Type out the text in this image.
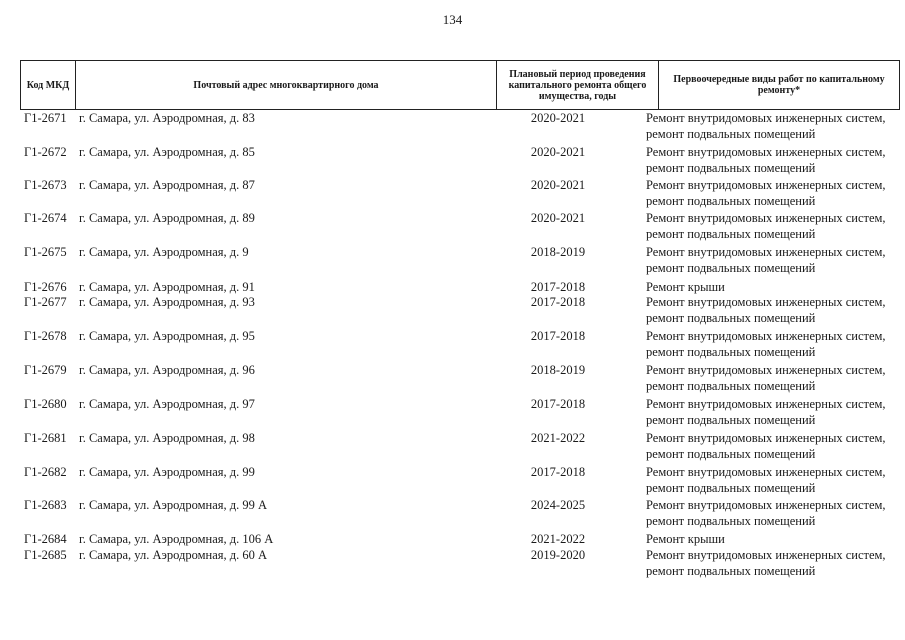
134
Код МКД	Почтовый адрес многоквартирного дома
Плановый период проведения капитального ремонта общего имущества, годы
Первоочередные виды работ по капитальному ремонту*
Г1-2671 г. Самара, ул. Аэродромная, д. 83	2020-2021	Ремонт внутридомовых инженерных систем,
ремонт подвальных помещений
Г1-2672 г. Самара, ул. Аэродромная, д. 85	2020-2021	Ремонт внутридомовых инженерных систем,
ремонт подвальных помещений
Г1-2673 г. Самара, ул. Аэродромная, д. 87	2020-2021	Ремонт внутридомовых инженерных систем,
ремонт подвальных помещений
Г1-2674 г. Самара, ул. Аэродромная, д. 89	2020-2021	Ремонт внутридомовых инженерных систем,
ремонт подвальных помещений
Г1-2675 г. Самара, ул. Аэродромная, д. 9	2018-2019	Ремонт внутридомовых инженерных систем,
ремонт подвальных помещений
Г1-2676 г. Самара, ул. Аэродромная, д. 91	2017-2018	Ремонт крыши
Г1-2677 г. Самара, ул. Аэродромная, д. 93	2017-2018	Ремонт внутридомовых инженерных систем,
ремонт подвальных помещений
Г1-2678 г. Самара, ул. Аэродромная, д. 95	2017-2018	Ремонт внутридомовых инженерных систем,
ремонт подвальных помещений
Г1-2679 г. Самара, ул. Аэродромная, д. 96	2018-2019	Ремонт внутридомовых инженерных систем,
ремонт подвальных помещений
Г1-2680 г. Самара, ул. Аэродромная, д. 97	2017-2018	Ремонт внутридомовых инженерных систем,
ремонт подвальных помещений
Г1-2681 г. Самара, ул. Аэродромная, д. 98	2021-2022	Ремонт внутридомовых инженерных систем,
ремонт подвальных помещений
Г1-2682 г. Самара, ул. Аэродромная, д. 99	2017-2018	Ремонт внутридомовых инженерных систем,
ремонт подвальных помещений
Г1-2683 г. Самара, ул. Аэродромная, д. 99 А	2024-2025	Ремонт внутридомовых инженерных систем,
ремонт подвальных помещений
Г1-2684 г. Самара, ул. Аэродромная, д. 106 А	2021-2022	Ремонт крыши
Г1-2685 г. Самара, ул. Аэродромная, д. 60 А	2019-2020	Ремонт внутридомовых инженерных систем,
ремонт подвальных помещений
